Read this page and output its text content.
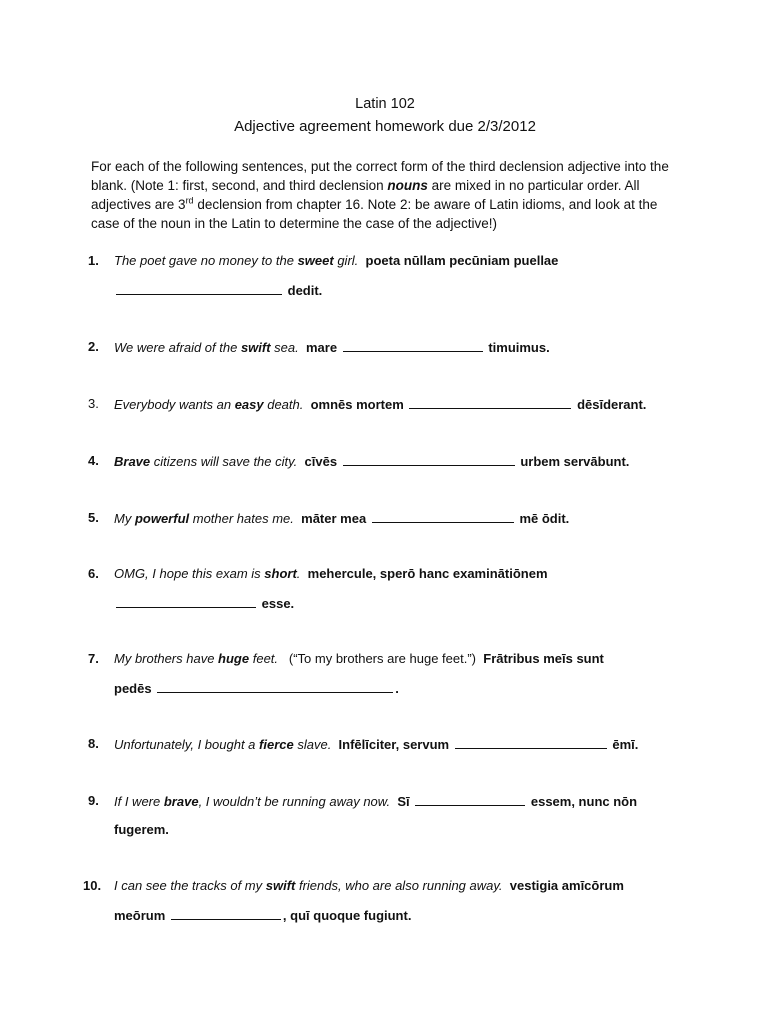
Latin 102
Adjective agreement homework due 2/3/2012

For each of the following sentences, put the correct form of the third declension adjective into the blank. (Note 1: first, second, and third declension nouns are mixed in no particular order. All adjectives are 3rd declension from chapter 16. Note 2: be aware of Latin idioms, and look at the case of the noun in the Latin to determine the case of the adjective!)

1.	The poet gave no money to the sweet girl. poeta nūllam pecūniam puellae
dedit.
2.	We were afraid of the swift sea. mare	timuimus.
3.	Everybody wants an easy death. omnēs mortem	dēsīderant.
4.	Brave citizens will save the city. cīvēs	urbem servābunt.
5.	My powerful mother hates me. māter mea	mē ōdit.
6.	OMG, I hope this exam is short. mehercule, sperō hanc examinātiōnem
esse.
7.	My brothers have huge feet. (“To my brothers are huge feet.”) Frātribus meīs sunt
pedēs	.
8.	Unfortunately, I bought a fierce slave. Infēlīciter, servum	ēmī.
9.	If I were brave, I wouldn’t be running away now. Sī	essem, nunc nōn
fugerem.
10. I can see the tracks of my swift friends, who are also running away. vestigia amīcōrum
meōrum	, quī quoque fugiunt.
